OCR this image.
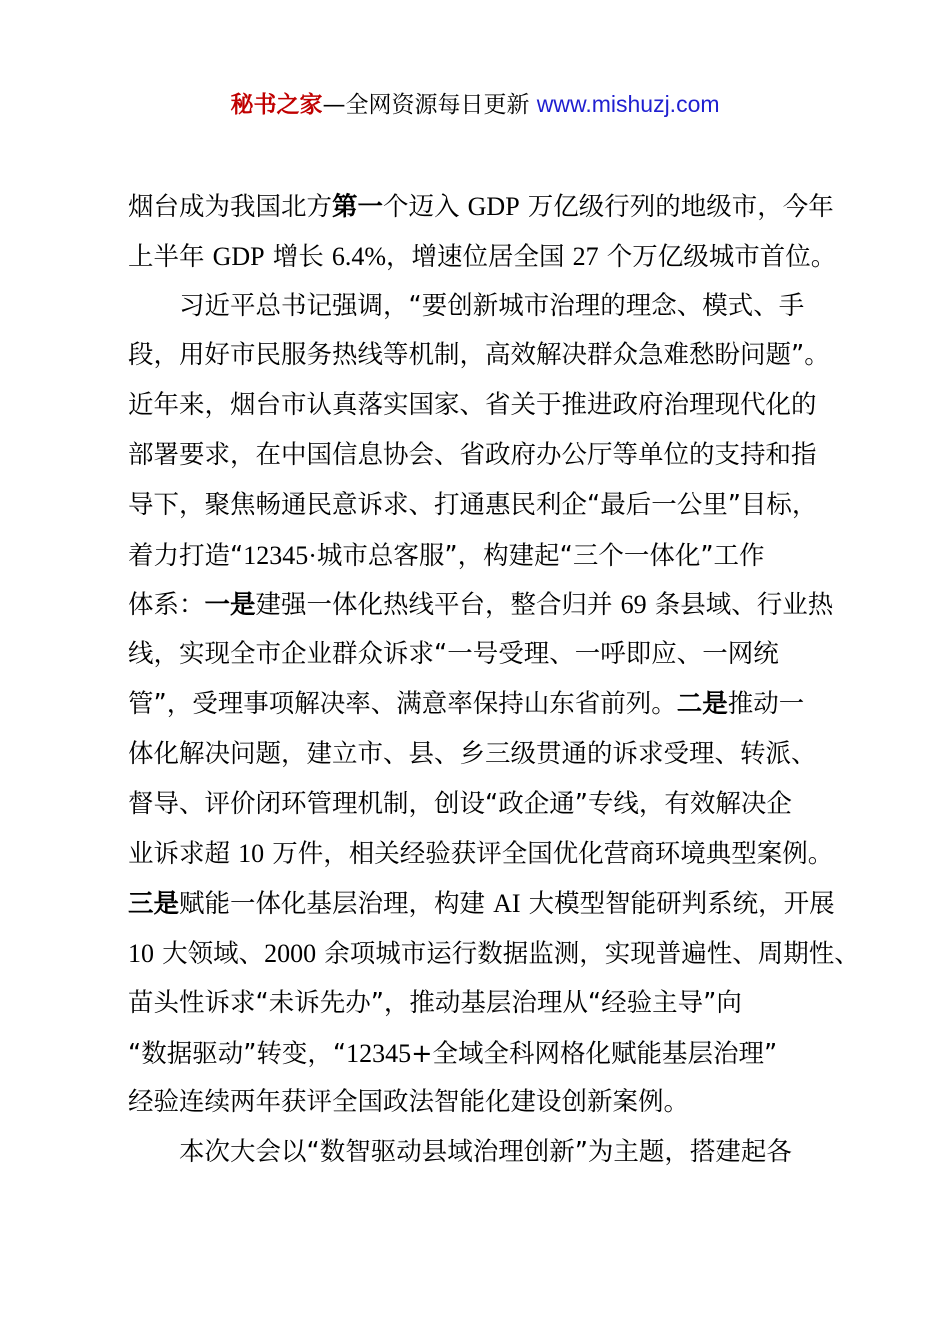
秘书之家—全网资源每日更新 www.mishuzj.com
烟台成为我国北方第一个迈入 GDP 万亿级行列的地级市，今年
上半年 GDP 增长 6.4%，增速位居全国 27 个万亿级城市首位。
习近平总书记强调，“要创新城市治理的理念、模式、手
段，用好市民服务热线等机制，高效解决群众急难愁盼问题”。
近年来，烟台市认真落实国家、省关于推进政府治理现代化的
部署要求，在中国信息协会、省政府办公厅等单位的支持和指
导下，聚焦畅通民意诉求、打通惠民利企“最后一公里”目标，
着力打造“12345·城市总客服”，构建起“三个一体化”工作
体系：一是建强一体化热线平台，整合归并 69 条县域、行业热
线，实现全市企业群众诉求“一号受理、一呼即应、一网统
管”，受理事项解决率、满意率保持山东省前列。二是推动一
体化解决问题，建立市、县、乡三级贯通的诉求受理、转派、
督导、评价闭环管理机制，创设“政企通”专线，有效解决企
业诉求超 10 万件，相关经验获评全国优化营商环境典型案例。
三是赋能一体化基层治理，构建 AI 大模型智能研判系统，开展
10 大领域、2000 余项城市运行数据监测，实现普遍性、周期性、
苗头性诉求“未诉先办”，推动基层治理从“经验主导”向
“数据驱动”转变，“12345+全域全科网格化赋能基层治理”
经验连续两年获评全国政法智能化建设创新案例。
本次大会以“数智驱动县域治理创新”为主题，搭建起各
